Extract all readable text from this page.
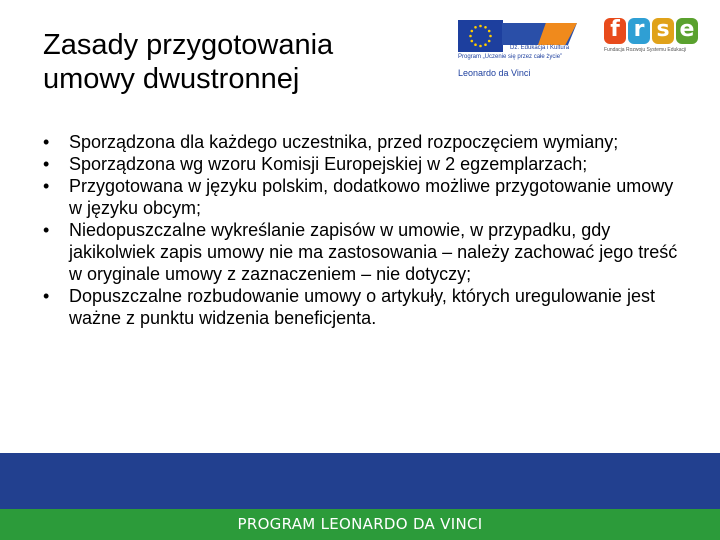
Zasady przygotowania
umowy dwustronnej
Dz. Edukacja i Kultura
Program „Uczenie się przez całe życie”
Leonardo da Vinci
f r s e
Fundacja Rozwoju Systemu Edukacji
• Sporządzona dla każdego uczestnika, przed rozpoczęciem wymiany;
• Sporządzona wg wzoru Komisji Europejskiej w 2 egzemplarzach;
• Przygotowana w języku polskim, dodatkowo możliwe przygotowanie umowy w języku obcym;
• Niedopuszczalne wykreślanie zapisów w umowie, w przypadku, gdy jakikolwiek zapis umowy nie ma zastosowania – należy zachować jego treść w oryginale umowy z zaznaczeniem – nie dotyczy;
• Dopuszczalne rozbudowanie umowy o artykuły, których uregulowanie jest ważne z punktu widzenia beneficjenta.
PROGRAM LEONARDO DA VINCI
